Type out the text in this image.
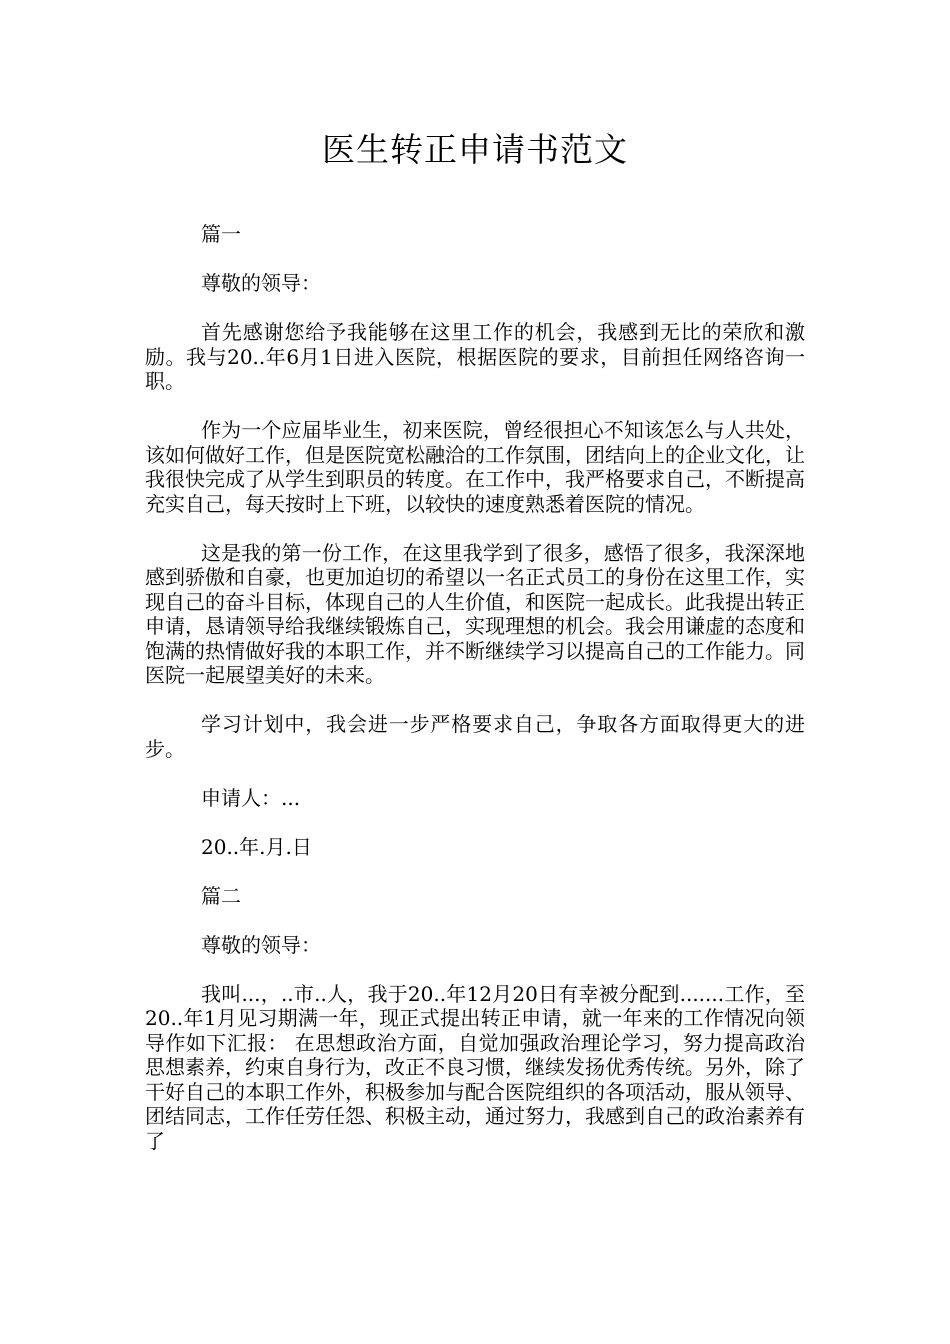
医生转正申请书范文

篇一

尊敬的领导：

首先感谢您给予我能够在这里工作的机会，我感到无比的荣欣和激励。我与20..年6月1日进入医院，根据医院的要求，目前担任网络咨询一职。

作为一个应届毕业生，初来医院，曾经很担心不知该怎么与人共处，该如何做好工作，但是医院宽松融洽的工作氛围，团结向上的企业文化，让我很快完成了从学生到职员的转度。在工作中，我严格要求自己，不断提高充实自己，每天按时上下班，以较快的速度熟悉着医院的情况。

这是我的第一份工作，在这里我学到了很多，感悟了很多，我深深地感到骄傲和自豪，也更加迫切的希望以一名正式员工的身份在这里工作，实现自己的奋斗目标，体现自己的人生价值，和医院一起成长。此我提出转正申请，恳请领导给我继续锻炼自己，实现理想的机会。我会用谦虚的态度和饱满的热情做好我的本职工作，并不断继续学习以提高自己的工作能力。同医院一起展望美好的未来。

学习计划中，我会进一步严格要求自己，争取各方面取得更大的进步。

申请人：...

20..年.月.日

篇二

尊敬的领导：

我叫...，..市..人，我于20..年12月20日有幸被分配到.......工作，至20..年1月见习期满一年，现正式提出转正申请，就一年来的工作情况向领导作如下汇报： 在思想政治方面，自觉加强政治理论学习，努力提高政治思想素养，约束自身行为，改正不良习惯，继续发扬优秀传统。另外，除了干好自己的本职工作外，积极参加与配合医院组织的各项活动，服从领导、团结同志，工作任劳任怨、积极主动，通过努力，我感到自己的政治素养有了
